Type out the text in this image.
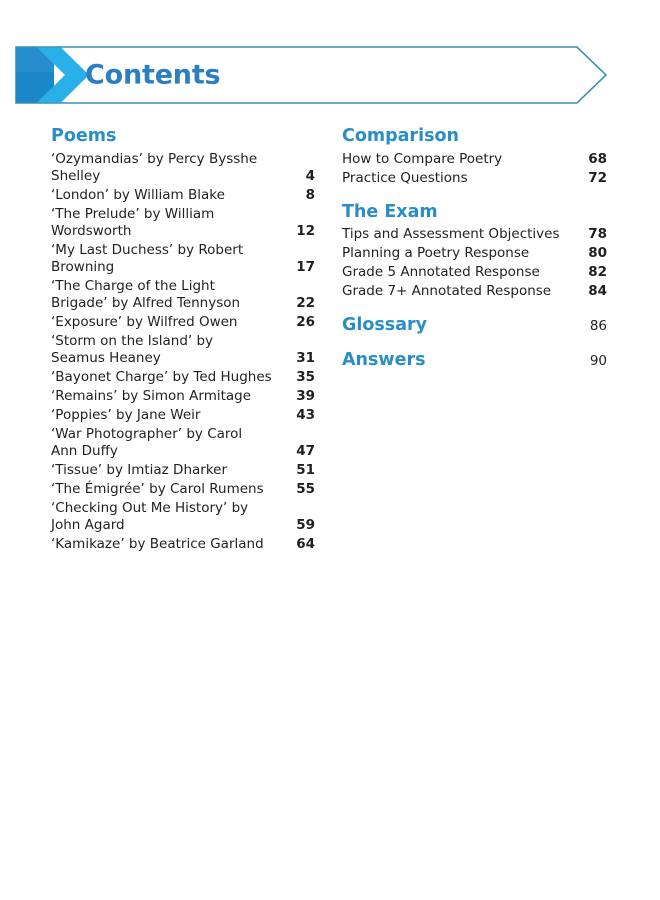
Contents
Poems
‘Ozymandias’ by Percy Bysshe Shelley	4
‘London’ by William Blake	8
‘The Prelude’ by William Wordsworth	12
‘My Last Duchess’ by Robert Browning	17
‘The Charge of the Light Brigade’ by Alfred Tennyson	22
‘Exposure’ by Wilfred Owen	26
‘Storm on the Island’ by Seamus Heaney	31
‘Bayonet Charge’ by Ted Hughes	35
‘Remains’ by Simon Armitage	39
‘Poppies’ by Jane Weir	43
‘War Photographer’ by Carol Ann Duffy	47
‘Tissue’ by Imtiaz Dharker	51
‘The Émigrée’ by Carol Rumens	55
‘Checking Out Me History’ by John Agard	59
‘Kamikaze’ by Beatrice Garland	64
Comparison
How to Compare Poetry	68
Practice Questions	72
The Exam
Tips and Assessment Objectives	78
Planning a Poetry Response	80
Grade 5 Annotated Response	82
Grade 7+ Annotated Response	84
Glossary	86
Answers	90
